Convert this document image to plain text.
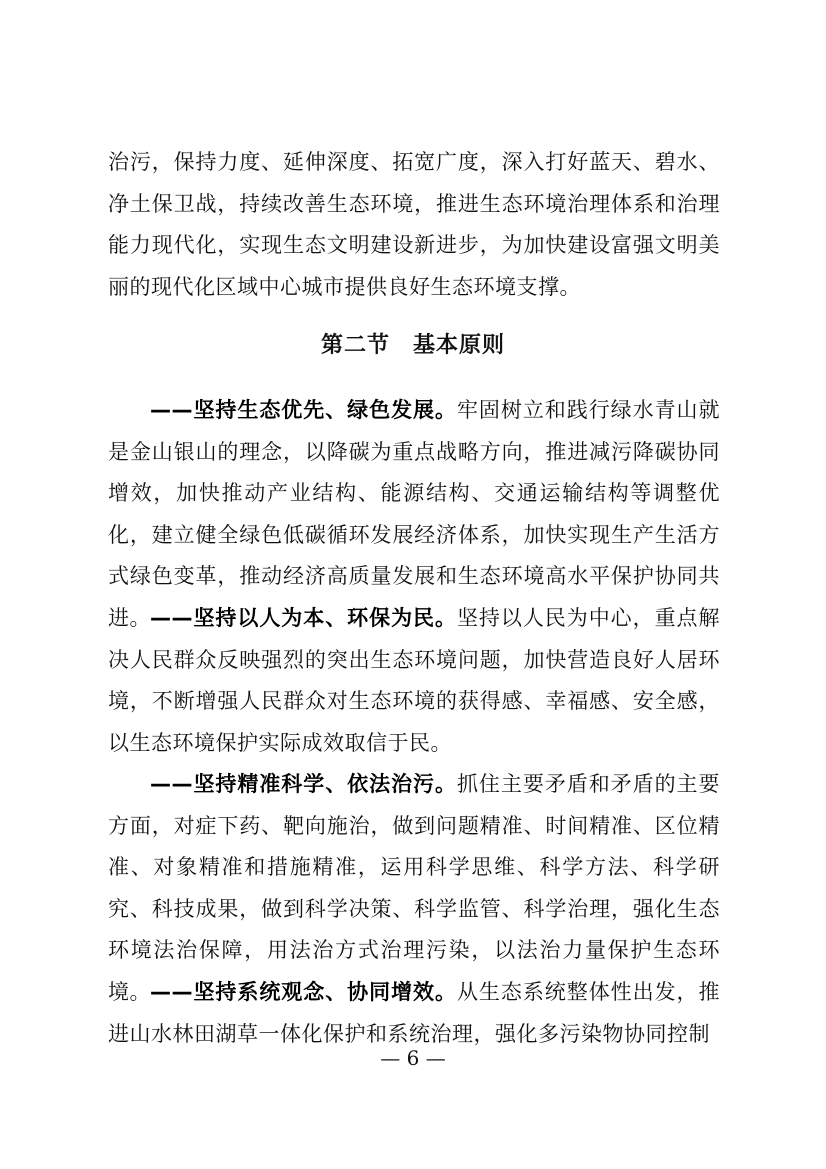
治污，保持力度、延伸深度、拓宽广度，深入打好蓝天、碧水、净土保卫战，持续改善生态环境，推进生态环境治理体系和治理能力现代化，实现生态文明建设新进步，为加快建设富强文明美丽的现代化区域中心城市提供良好生态环境支撑。

第二节　基本原则

——坚持生态优先、绿色发展。牢固树立和践行绿水青山就是金山银山的理念，以降碳为重点战略方向，推进减污降碳协同增效，加快推动产业结构、能源结构、交通运输结构等调整优化，建立健全绿色低碳循环发展经济体系，加快实现生产生活方式绿色变革，推动经济高质量发展和生态环境高水平保护协同共进。 ——坚持以人为本、环保为民。坚持以人民为中心，重点解决人民群众反映强烈的突出生态环境问题，加快营造良好人居环境，不断增强人民群众对生态环境的获得感、幸福感、安全感，以生态环境保护实际成效取信于民。

——坚持精准科学、依法治污。抓住主要矛盾和矛盾的主要方面，对症下药、靶向施治，做到问题精准、时间精准、区位精准、对象精准和措施精准，运用科学思维、科学方法、科学研究、科技成果，做到科学决策、科学监管、科学治理，强化生态环境法治保障，用法治方式治理污染，以法治力量保护生态环境。 ——坚持系统观念、协同增效。从生态系统整体性出发，推进山水林田湖草一体化保护和系统治理，强化多污染物协同控制

— 6 —
